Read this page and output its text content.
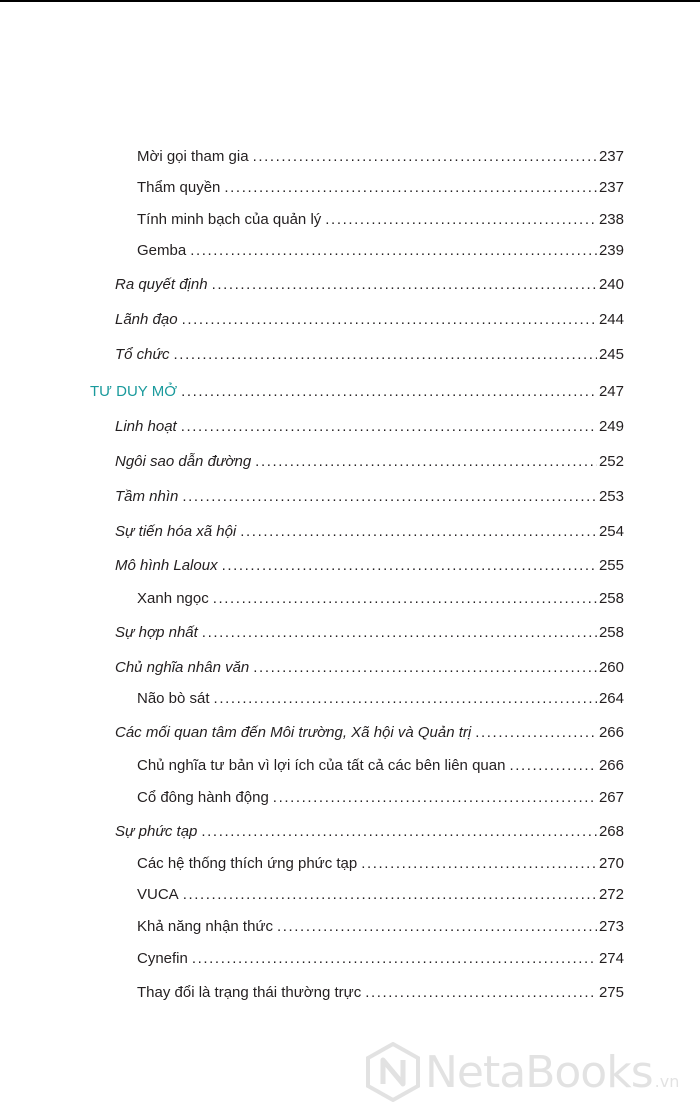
Mời gọi tham gia .....	237
Thẩm quyền .....	237
Tính minh bạch của quản lý .....	238
Gemba .....	239
Ra quyết định .....	240
Lãnh đạo .....	244
Tổ chức .....	245
TƯ DUY MỞ .....	247
Linh hoạt .....	249
Ngôi sao dẫn đường .....	252
Tầm nhìn .....	253
Sự tiến hóa xã hội .....	254
Mô hình Laloux .....	255
Xanh ngọc .....	258
Sự hợp nhất .....	258
Chủ nghĩa nhân văn .....	260
Não bò sát .....	264
Các mối quan tâm đến Môi trường, Xã hội và Quản trị .....	266
Chủ nghĩa tư bản vì lợi ích của tất cả các bên liên quan .....	266
Cổ đông hành động .....	267
Sự phức tạp .....	268
Các hệ thống thích ứng phức tạp .....	270
VUCA .....	272
Khả năng nhận thức .....	273
Cynefin .....	274
Thay đổi là trạng thái thường trực .....	275
NetaBooks .vn
